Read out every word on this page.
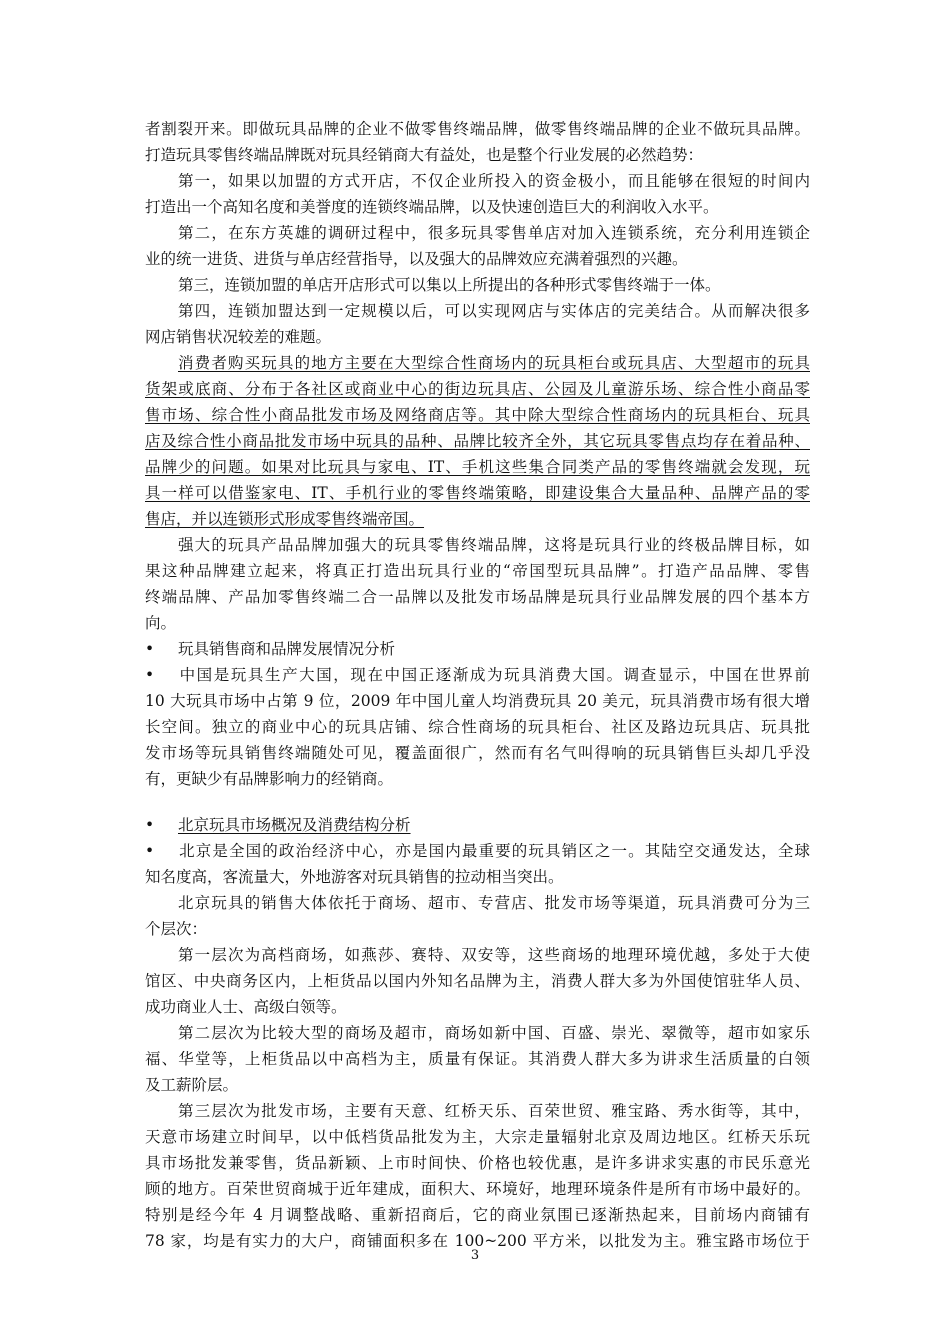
者割裂开来。即做玩具品牌的企业不做零售终端品牌，做零售终端品牌的企业不做玩具品牌。
打造玩具零售终端品牌既对玩具经销商大有益处，也是整个行业发展的必然趋势：
第一，如果以加盟的方式开店，不仅企业所投入的资金极小，而且能够在很短的时间内
打造出一个高知名度和美誉度的连锁终端品牌，以及快速创造巨大的利润收入水平。
第二，在东方英雄的调研过程中，很多玩具零售单店对加入连锁系统，充分利用连锁企
业的统一进货、进货与单店经营指导，以及强大的品牌效应充满着强烈的兴趣。
第三，连锁加盟的单店开店形式可以集以上所提出的各种形式零售终端于一体。
第四，连锁加盟达到一定规模以后，可以实现网店与实体店的完美结合。从而解决很多
网店销售状况较差的难题。
消费者购买玩具的地方主要在大型综合性商场内的玩具柜台或玩具店、大型超市的玩具
货架或底商、分布于各社区或商业中心的街边玩具店、公园及儿童游乐场、综合性小商品零
售市场、综合性小商品批发市场及网络商店等。其中除大型综合性商场内的玩具柜台、玩具
店及综合性小商品批发市场中玩具的品种、品牌比较齐全外，其它玩具零售点均存在着品种、
品牌少的问题。如果对比玩具与家电、IT、手机这些集合同类产品的零售终端就会发现，玩
具一样可以借鉴家电、IT、手机行业的零售终端策略，即建设集合大量品种、品牌产品的零
售店，并以连锁形式形成零售终端帝国。
强大的玩具产品品牌加强大的玩具零售终端品牌，这将是玩具行业的终极品牌目标，如
果这种品牌建立起来，将真正打造出玩具行业的“帝国型玩具品牌”。打造产品品牌、零售
终端品牌、产品加零售终端二合一品牌以及批发市场品牌是玩具行业品牌发展的四个基本方
向。
• 玩具销售商和品牌发展情况分析
• 中国是玩具生产大国，现在中国正逐渐成为玩具消费大国。调查显示，中国在世界前
10 大玩具市场中占第 9 位，2009 年中国儿童人均消费玩具 20 美元，玩具消费市场有很大增
长空间。独立的商业中心的玩具店铺、综合性商场的玩具柜台、社区及路边玩具店、玩具批
发市场等玩具销售终端随处可见，覆盖面很广，然而有名气叫得响的玩具销售巨头却几乎没
有，更缺少有品牌影响力的经销商。
• 北京玩具市场概况及消费结构分析
• 北京是全国的政治经济中心，亦是国内最重要的玩具销区之一。其陆空交通发达，全球
知名度高，客流量大，外地游客对玩具销售的拉动相当突出。
北京玩具的销售大体依托于商场、超市、专营店、批发市场等渠道，玩具消费可分为三
个层次：
第一层次为高档商场，如燕莎、赛特、双安等，这些商场的地理环境优越，多处于大使
馆区、中央商务区内，上柜货品以国内外知名品牌为主，消费人群大多为外国使馆驻华人员、
成功商业人士、高级白领等。
第二层次为比较大型的商场及超市，商场如新中国、百盛、崇光、翠微等，超市如家乐
福、华堂等，上柜货品以中高档为主，质量有保证。其消费人群大多为讲求生活质量的白领
及工薪阶层。
第三层次为批发市场，主要有天意、红桥天乐、百荣世贸、雅宝路、秀水街等，其中，
天意市场建立时间早，以中低档货品批发为主，大宗走量辐射北京及周边地区。红桥天乐玩
具市场批发兼零售，货品新颖、上市时间快、价格也较优惠，是许多讲求实惠的市民乐意光
顾的地方。百荣世贸商城于近年建成，面积大、环境好，地理环境条件是所有市场中最好的。
特别是经今年 4 月调整战略、重新招商后，它的商业氛围已逐渐热起来，目前场内商铺有
78 家，均是有实力的大户，商铺面积多在 100~200 平方米，以批发为主。雅宝路市场位于
3
